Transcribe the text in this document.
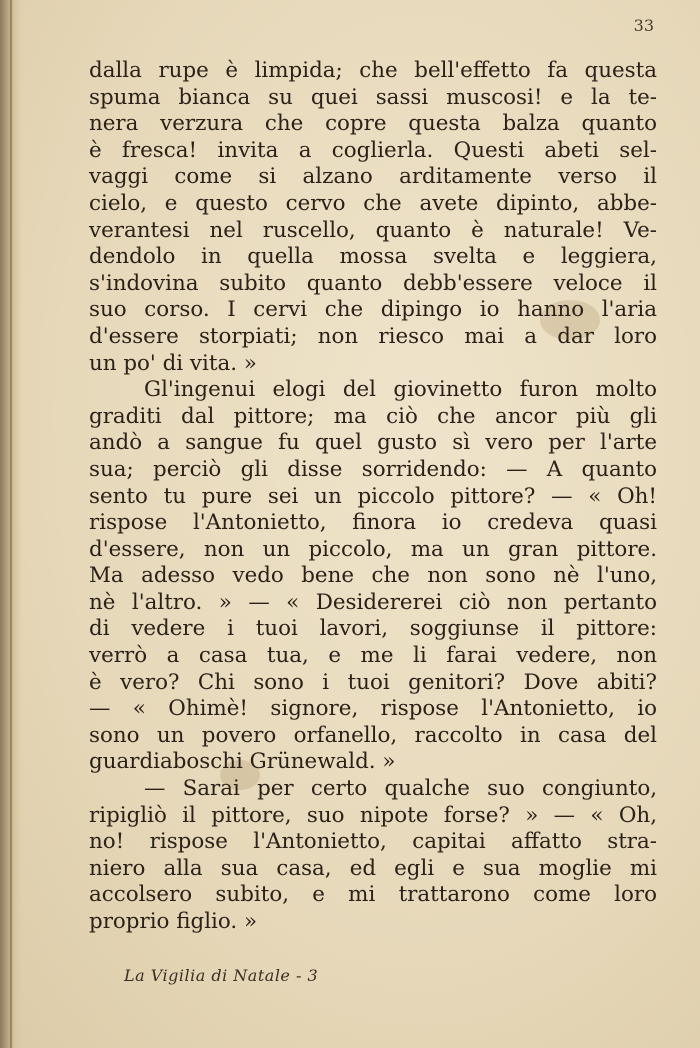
33
dalla rupe è limpida; che bell'effetto fa questa
spuma bianca su quei sassi muscosi! e la te-
nera verzura che copre questa balza quanto
è fresca! invita a coglierla. Questi abeti sel-
vaggi come si alzano arditamente verso il
cielo, e questo cervo che avete dipinto, abbe-
verantesi nel ruscello, quanto è naturale! Ve-
dendolo in quella mossa svelta e leggiera,
s'indovina subito quanto debb'essere veloce il
suo corso. I cervi che dipingo io hanno l'aria
d'essere storpiati; non riesco mai a dar loro
un po' di vita. »
Gl'ingenui elogi del giovinetto furon molto
graditi dal pittore; ma ciò che ancor più gli
andò a sangue fu quel gusto sì vero per l'arte
sua; perciò gli disse sorridendo: — A quanto
sento tu pure sei un piccolo pittore? — « Oh!
rispose l'Antonietto, finora io credeva quasi
d'essere, non un piccolo, ma un gran pittore.
Ma adesso vedo bene che non sono nè l'uno,
nè l'altro. » — « Desidererei ciò non pertanto
di vedere i tuoi lavori, soggiunse il pittore:
verrò a casa tua, e me li farai vedere, non
è vero? Chi sono i tuoi genitori? Dove abiti?
— « Ohimè! signore, rispose l'Antonietto, io
sono un povero orfanello, raccolto in casa del
guardiaboschi Grünewald. »
— Sarai per certo qualche suo congiunto,
ripigliò il pittore, suo nipote forse? » — « Oh,
no! rispose l'Antonietto, capitai affatto stra-
niero alla sua casa, ed egli e sua moglie mi
accolsero subito, e mi trattarono come loro
proprio figlio. »
La Vigilia di Natale - 3
